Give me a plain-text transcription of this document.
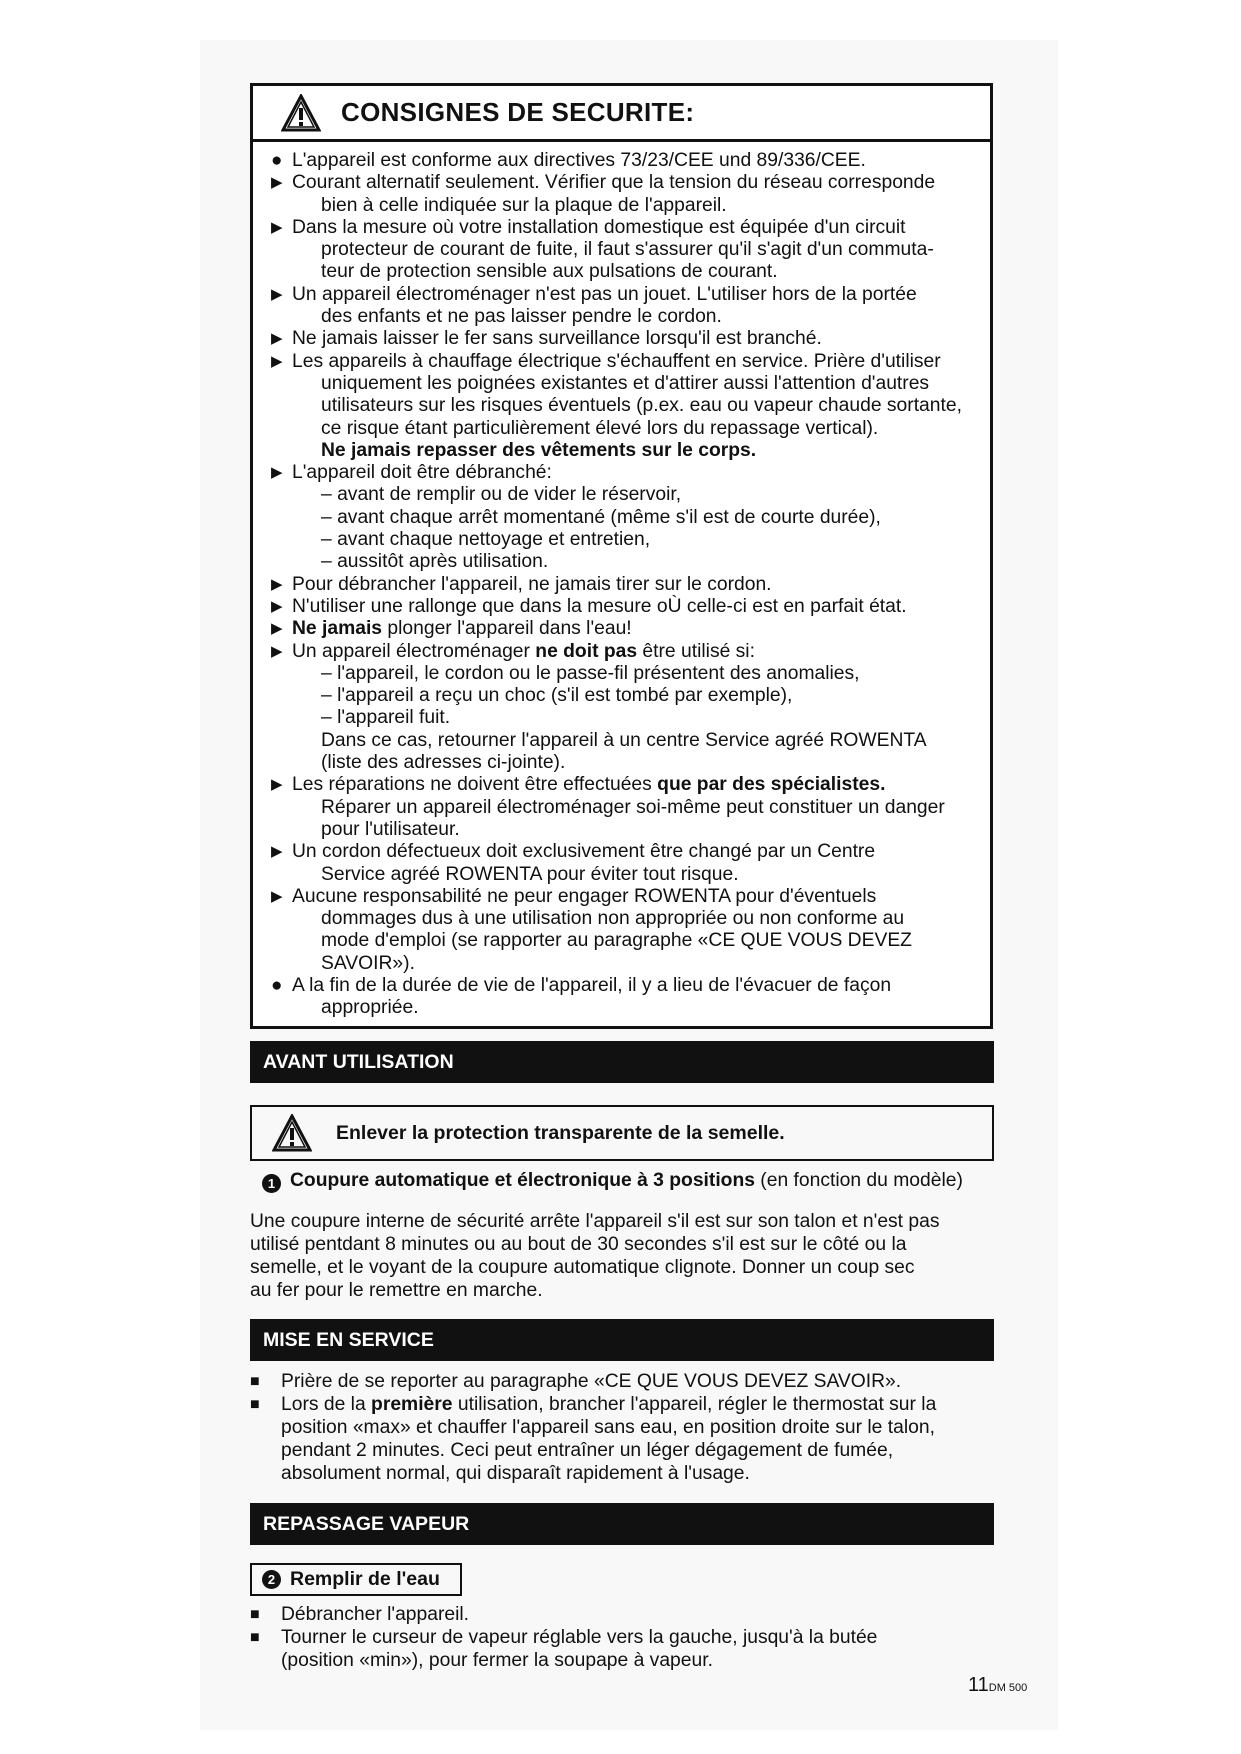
CONSIGNES DE SECURITE:
● L'appareil est conforme aux directives 73/23/CEE und 89/336/CEE.
▶ Courant alternatif seulement. Vérifier que la tension du réseau corresponde
bien à celle indiquée sur la plaque de l'appareil.
▶ Dans la mesure où votre installation domestique est équipée d'un circuit
protecteur de courant de fuite, il faut s'assurer qu'il s'agit d'un commuta-
teur de protection sensible aux pulsations de courant.
▶ Un appareil électroménager n'est pas un jouet. L'utiliser hors de la portée
des enfants et ne pas laisser pendre le cordon.
▶ Ne jamais laisser le fer sans surveillance lorsqu'il est branché.
▶ Les appareils à chauffage électrique s'échauffent en service. Prière d'utiliser
uniquement les poignées existantes et d'attirer aussi l'attention d'autres
utilisateurs sur les risques éventuels (p.ex. eau ou vapeur chaude sortante,
ce risque étant particulièrement élevé lors du repassage vertical).
Ne jamais repasser des vêtements sur le corps.
▶ L'appareil doit être débranché:
– avant de remplir ou de vider le réservoir,
– avant chaque arrêt momentané (même s'il est de courte durée),
– avant chaque nettoyage et entretien,
– aussitôt après utilisation.
▶ Pour débrancher l'appareil, ne jamais tirer sur le cordon.
▶ N'utiliser une rallonge que dans la mesure oÙ celle-ci est en parfait état.
▶ Ne jamais plonger l'appareil dans l'eau!
▶ Un appareil électroménager ne doit pas être utilisé si:
– l'appareil, le cordon ou le passe-fil présentent des anomalies,
– l'appareil a reçu un choc (s'il est tombé par exemple),
– l'appareil fuit.
Dans ce cas, retourner l'appareil à un centre Service agréé ROWENTA
(liste des adresses ci-jointe).
▶ Les réparations ne doivent être effectuées que par des spécialistes.
Réparer un appareil électroménager soi-même peut constituer un danger
pour l'utilisateur.
▶ Un cordon défectueux doit exclusivement être changé par un Centre
Service agréé ROWENTA pour éviter tout risque.
▶ Aucune responsabilité ne peur engager ROWENTA pour d'éventuels
dommages dus à une utilisation non appropriée ou non conforme au
mode d'emploi (se rapporter au paragraphe «CE QUE VOUS DEVEZ
SAVOIR»).
● A la fin de la durée de vie de l'appareil, il y a lieu de l'évacuer de façon
appropriée.
AVANT UTILISATION
Enlever la protection transparente de la semelle.
1 Coupure automatique et électronique à 3 positions (en fonction du modèle)
Une coupure interne de sécurité arrête l'appareil s'il est sur son talon et n'est pas
utilisé pentdant 8 minutes ou au bout de 30 secondes s'il est sur le côté ou la
semelle, et le voyant de la coupure automatique clignote. Donner un coup sec
au fer pour le remettre en marche.
MISE EN SERVICE
■	Prière de se reporter au paragraphe «CE QUE VOUS DEVEZ SAVOIR».
■	Lors de la première utilisation, brancher l'appareil, régler le thermostat sur la
position «max» et chauffer l'appareil sans eau, en position droite sur le talon,
pendant 2 minutes. Ceci peut entraîner un léger dégagement de fumée,
absolument normal, qui disparaît rapidement à l'usage.
REPASSAGE VAPEUR
2 Remplir de l'eau
■	Débrancher l'appareil.
■	Tourner le curseur de vapeur réglable vers la gauche, jusqu'à la butée
(position «min»), pour fermer la soupape à vapeur.
11DM 500
